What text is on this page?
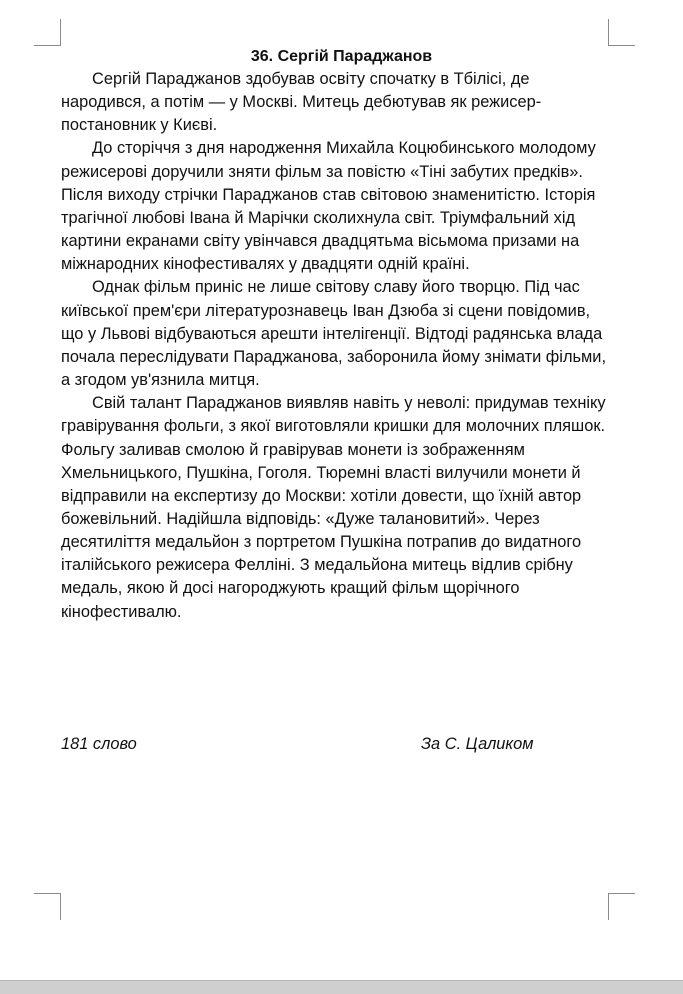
36. Сергій Параджанов

Сергій Параджанов здобував освіту спочатку в Тбілісі, де народився, а потім — у Москві. Митець дебютував як режисер-постановник у Києві.

До сторіччя з дня народження Михайла Коцюбинського молодому режисерові доручили зняти фільм за повістю «Тіні забутих предків». Після виходу стрічки Параджанов став світовою знаменитістю. Історія трагічної любові Івана й Марічки сколихнула світ. Тріумфальний хід картини екранами світу увінчався двадцятьма вісьмома призами на міжнародних кінофестивалях у двадцяти одній країні.

Однак фільм приніс не лише світову славу його творцю. Під час київської прем'єри літературознавець Іван Дзюба зі сцени повідомив, що у Львові відбуваються арешти інтелігенції. Відтоді радянська влада почала переслідувати Параджанова, заборонила йому знімати фільми, а згодом ув'язнила митця.

Свій талант Параджанов виявляв навіть у неволі: придумав техніку гравірування фольги, з якої виготовляли кришки для молочних пляшок. Фольгу заливав смолою й гравірував монети із зображенням Хмельницького, Пушкіна, Гоголя. Тюремні власті вилучили монети й відправили на експертизу до Москви: хотіли довести, що їхній автор божевільний. Надійшла відповідь: «Дуже талановитий». Через десятиліття медальйон з портретом Пушкіна потрапив до видатного італійського режисера Фелліні. З медальйона митець відлив срібну медаль, якою й досі нагороджують кращий фільм щорічного кінофестивалю.

181 слово	За С. Цаликом
